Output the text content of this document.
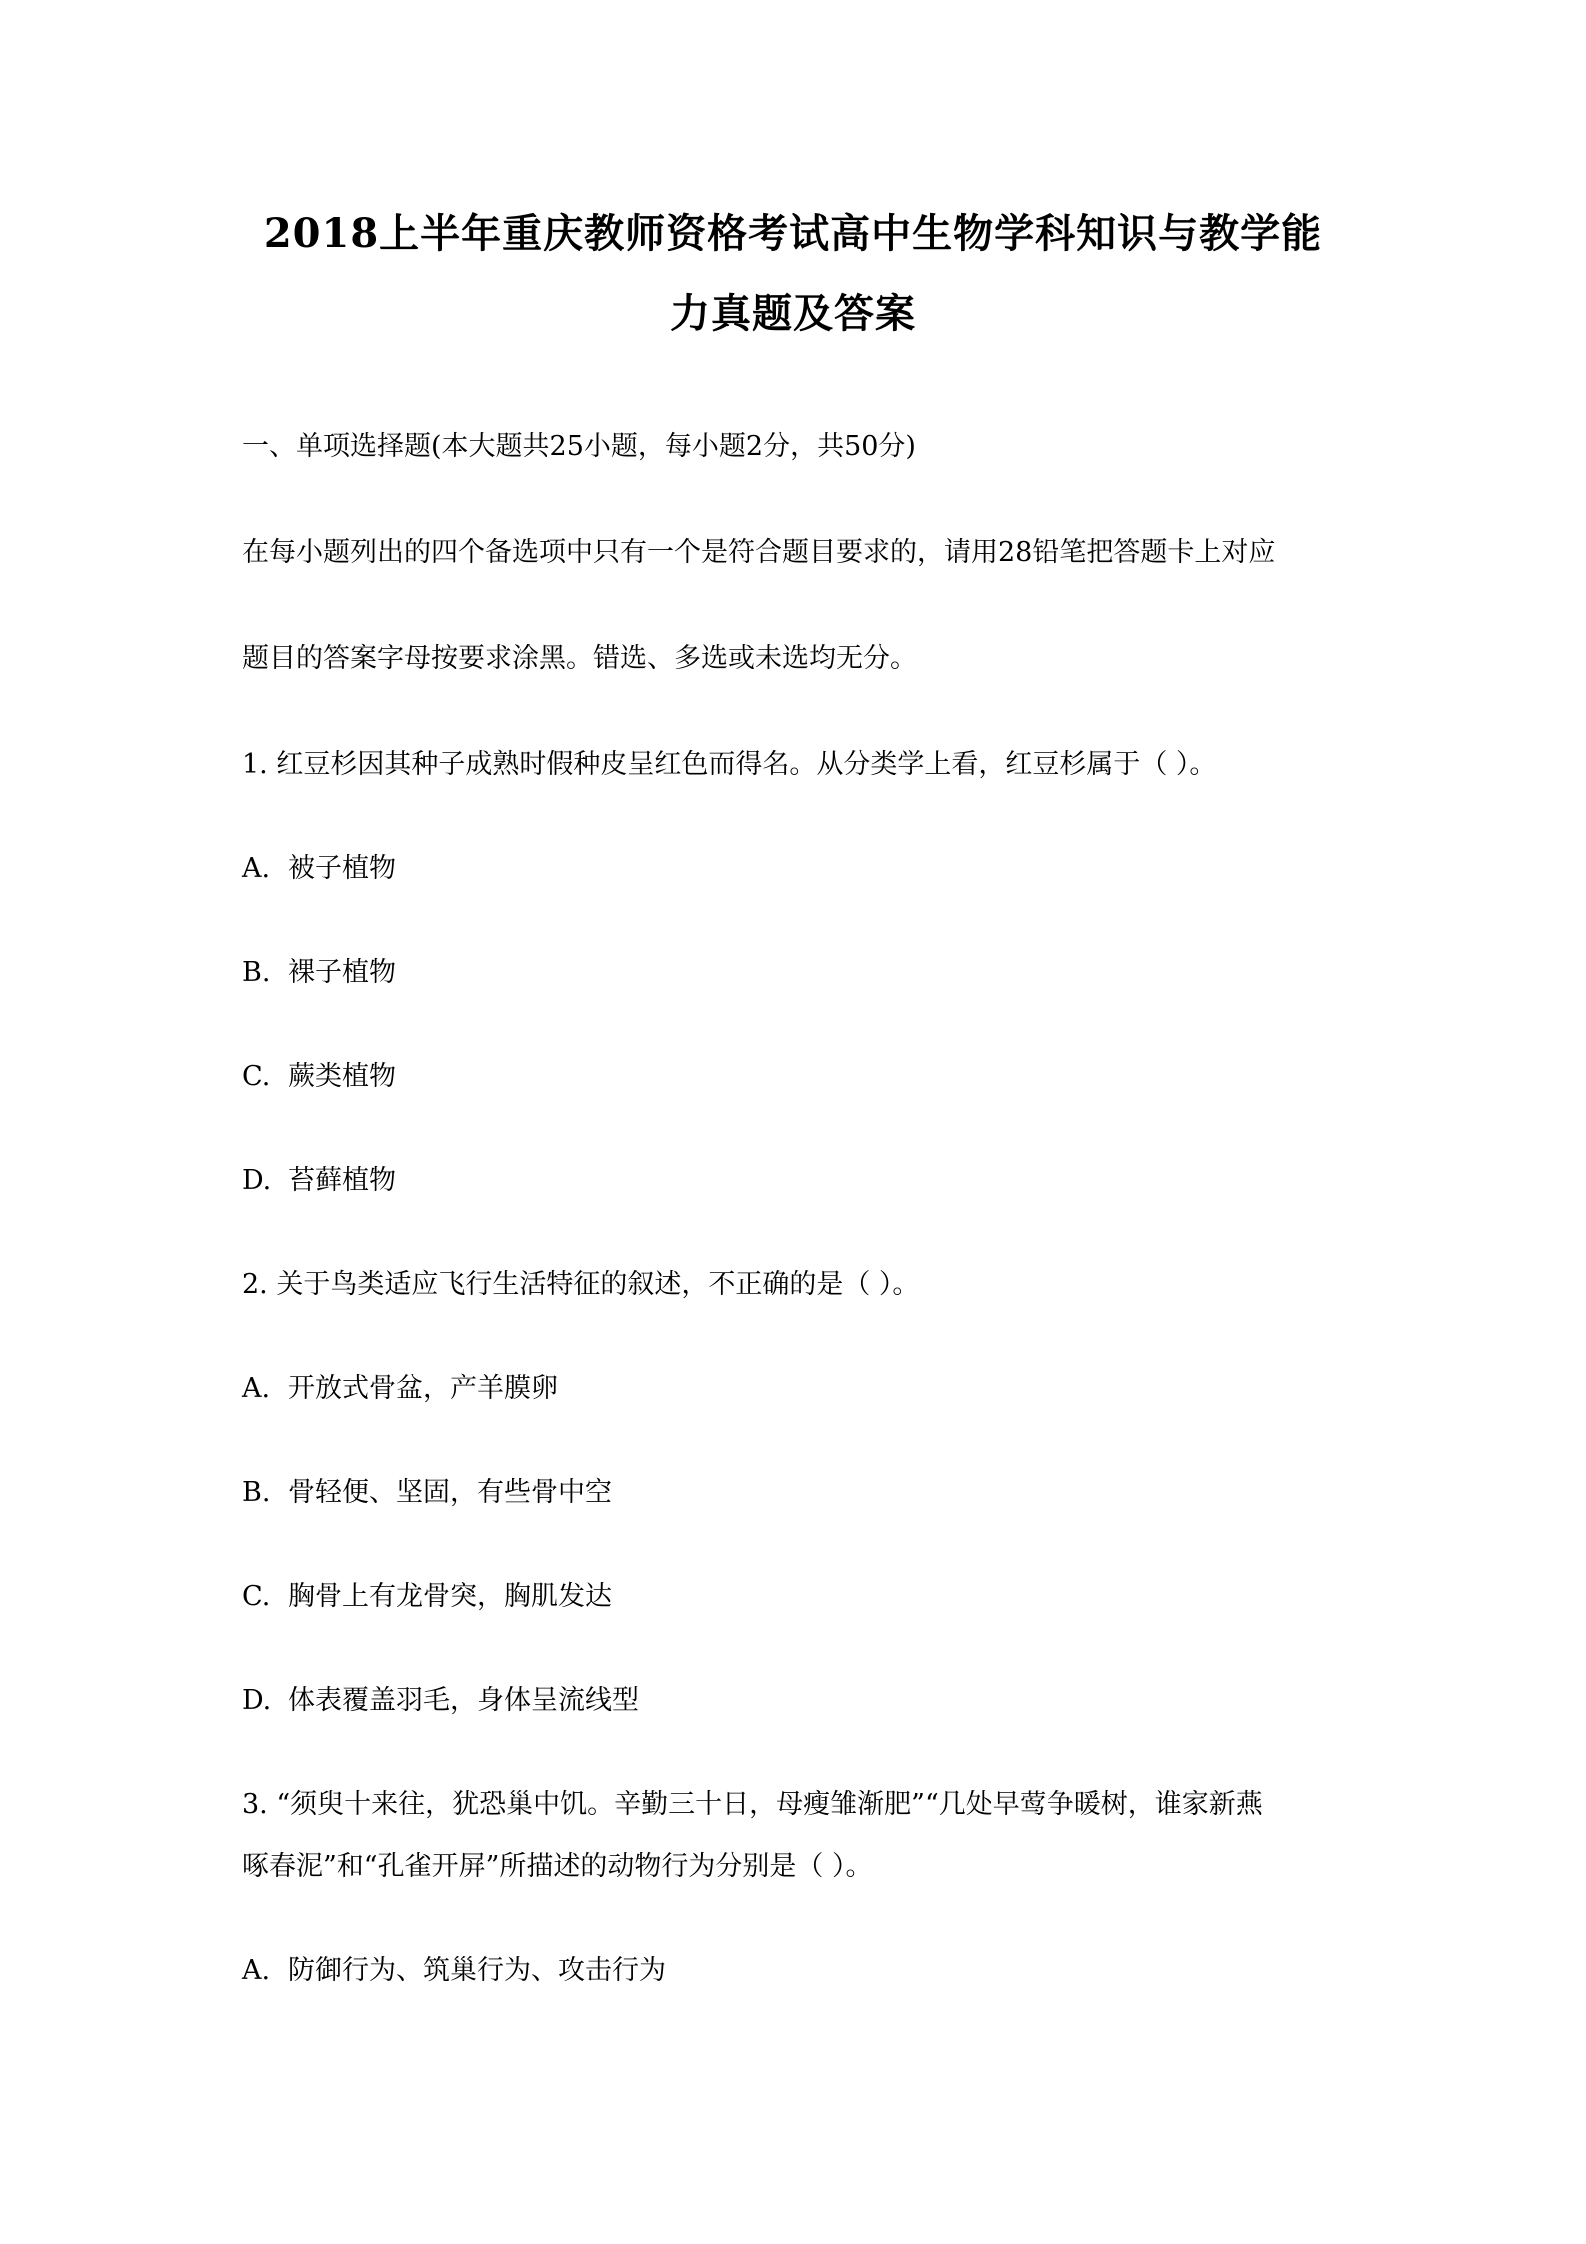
2018上半年重庆教师资格考试高中生物学科知识与教学能
力真题及答案
一、单项选择题(本大题共25小题，每小题2分，共50分)
在每小题列出的四个备选项中只有一个是符合题目要求的，请用28铅笔把答题卡上对应
题目的答案字母按要求涂黑。错选、多选或未选均无分。
1. 红豆杉因其种子成熟时假种皮呈红色而得名。从分类学上看，红豆杉属于（ ）。
A. 被子植物
B. 裸子植物
C. 蕨类植物
D. 苔藓植物
2. 关于鸟类适应飞行生活特征的叙述，不正确的是（ ）。
A. 开放式骨盆，产羊膜卵
B. 骨轻便、坚固，有些骨中空
C. 胸骨上有龙骨突，胸肌发达
D. 体表覆盖羽毛，身体呈流线型
3. “须臾十来往，犹恐巢中饥。辛勤三十日，母瘦雏渐肥”“几处早莺争暖树，谁家新燕
啄春泥”和“孔雀开屏”所描述的动物行为分别是（ ）。
A. 防御行为、筑巢行为、攻击行为
